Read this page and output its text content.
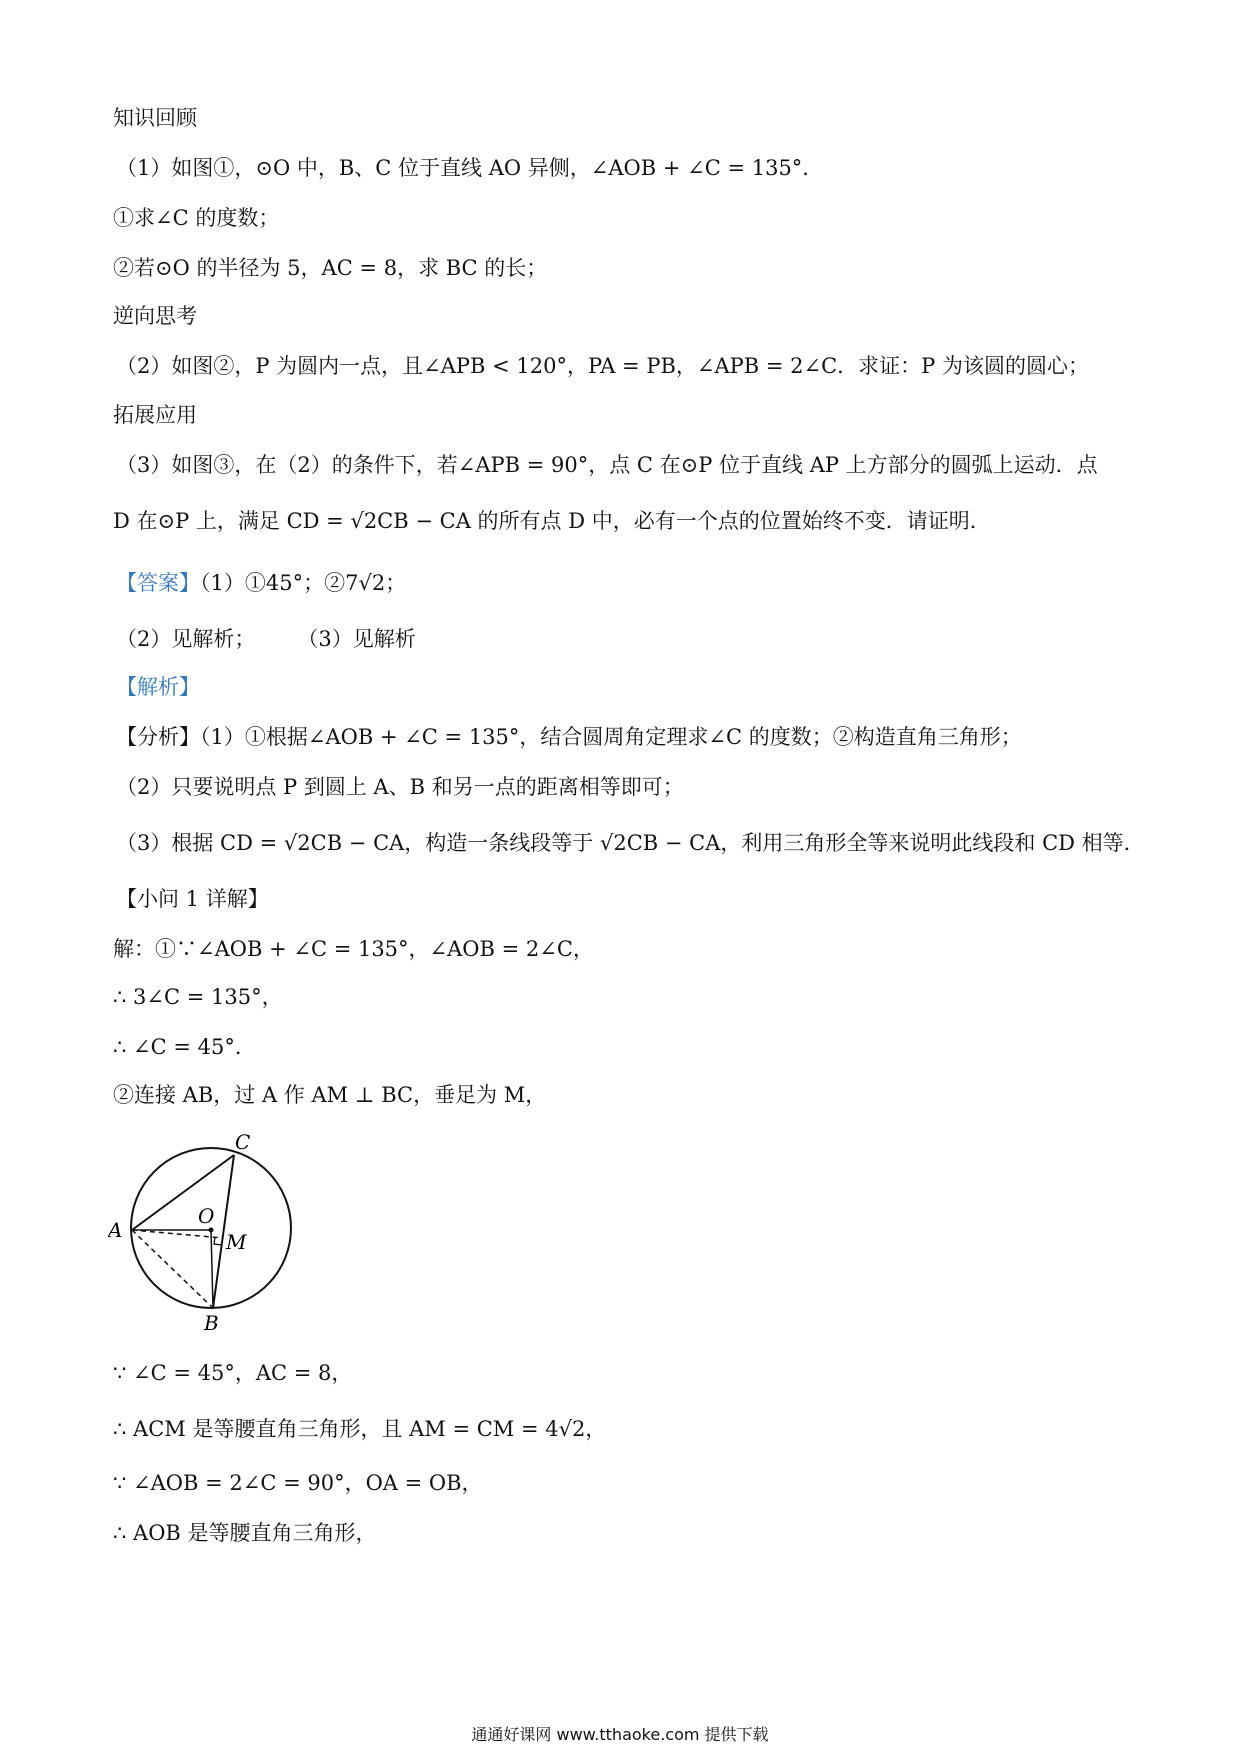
知识回顾
（1）如图①，⊙O 中，B、C 位于直线 AO 异侧，∠AOB + ∠C = 135°．
①求∠C 的度数；
②若⊙O 的半径为 5，AC = 8，求 BC 的长；
逆向思考
（2）如图②，P 为圆内一点，且∠APB < 120°，PA = PB，∠APB = 2∠C．求证：P 为该圆的圆心；
拓展应用
（3）如图③，在（2）的条件下，若∠APB = 90°，点 C 在⊙P 位于直线 AP 上方部分的圆弧上运动．点
D 在⊙P 上，满足 CD = √2CB − CA 的所有点 D 中，必有一个点的位置始终不变．请证明．
【答案】（1）①45°；②7√2；
（2）见解析；　　　（3）见解析
【解析】
【分析】（1）①根据∠AOB + ∠C = 135°，结合圆周角定理求∠C 的度数；②构造直角三角形；
（2）只要说明点 P 到圆上 A、B 和另一点的距离相等即可；
（3）根据 CD = √2CB − CA，构造一条线段等于 √2CB − CA，利用三角形全等来说明此线段和 CD 相等．
【小问 1 详解】
解：①∵∠AOB + ∠C = 135°，∠AOB = 2∠C，
∴ 3∠C = 135°，
∴ ∠C = 45°．
②连接 AB，过 A 作 AM ⊥ BC，垂足为 M，
C
O
A	M
B
∵ ∠C = 45°，AC = 8，
∴ ACM 是等腰直角三角形，且 AM = CM = 4√2，
∵ ∠AOB = 2∠C = 90°，OA = OB，
∴ AOB 是等腰直角三角形，
通通好课网 www.tthaoke.com 提供下载
